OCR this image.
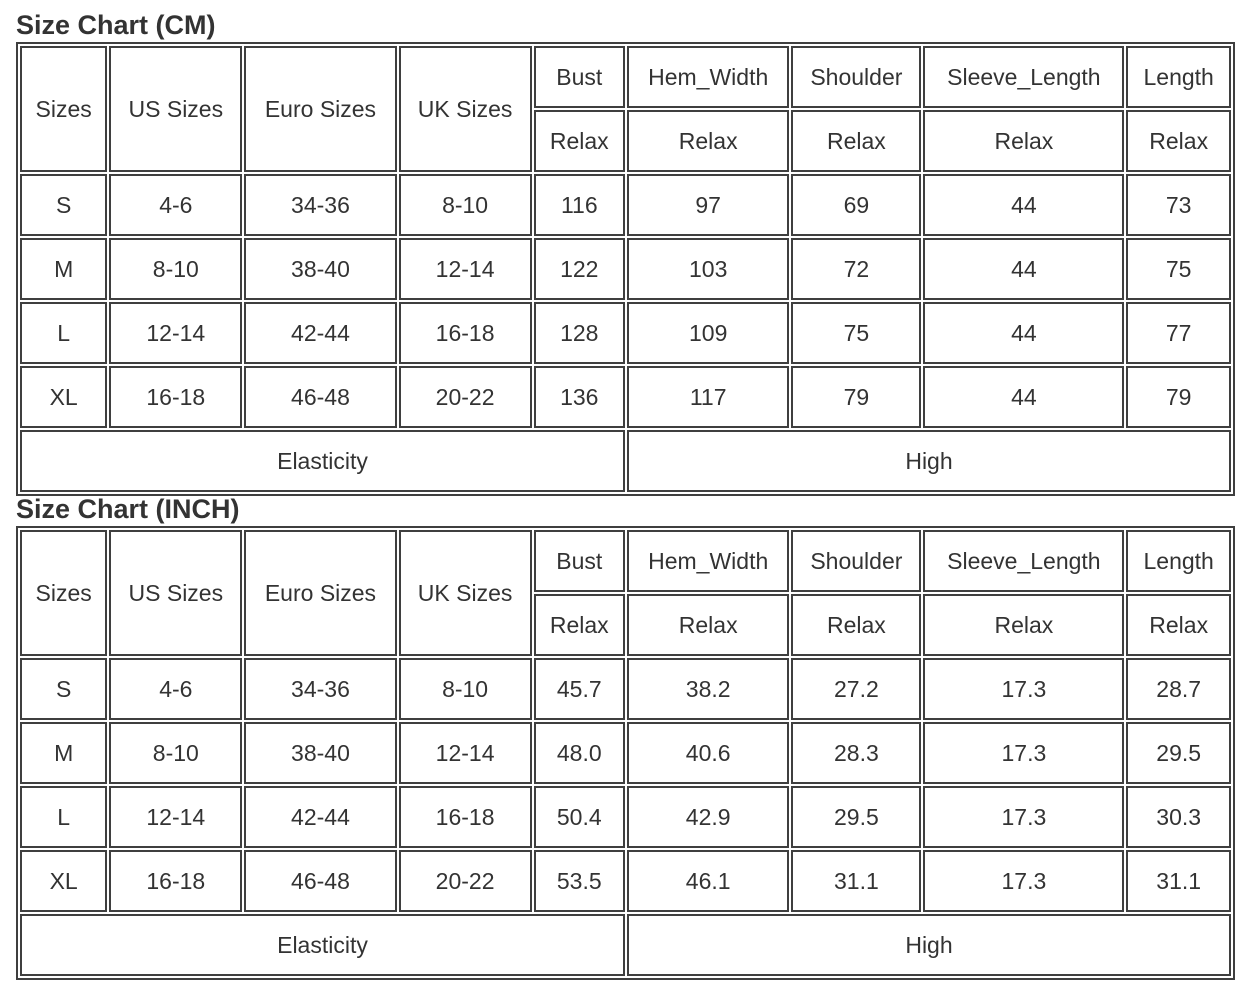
Size Chart (CM)
Sizes	US Sizes	Euro Sizes	UK Sizes	Bust	Hem_Width	Shoulder	Sleeve_Length	Length
				Relax	Relax	Relax	Relax	Relax
S	4-6	34-36	8-10	116	97	69	44	73
M	8-10	38-40	12-14	122	103	72	44	75
L	12-14	42-44	16-18	128	109	75	44	77
XL	16-18	46-48	20-22	136	117	79	44	79
Elasticity					High			
Size Chart (INCH)
Sizes	US Sizes	Euro Sizes	UK Sizes	Bust	Hem_Width	Shoulder	Sleeve_Length	Length
				Relax	Relax	Relax	Relax	Relax
S	4-6	34-36	8-10	45.7	38.2	27.2	17.3	28.7
M	8-10	38-40	12-14	48.0	40.6	28.3	17.3	29.5
L	12-14	42-44	16-18	50.4	42.9	29.5	17.3	30.3
XL	16-18	46-48	20-22	53.5	46.1	31.1	17.3	31.1
Elasticity					High			
